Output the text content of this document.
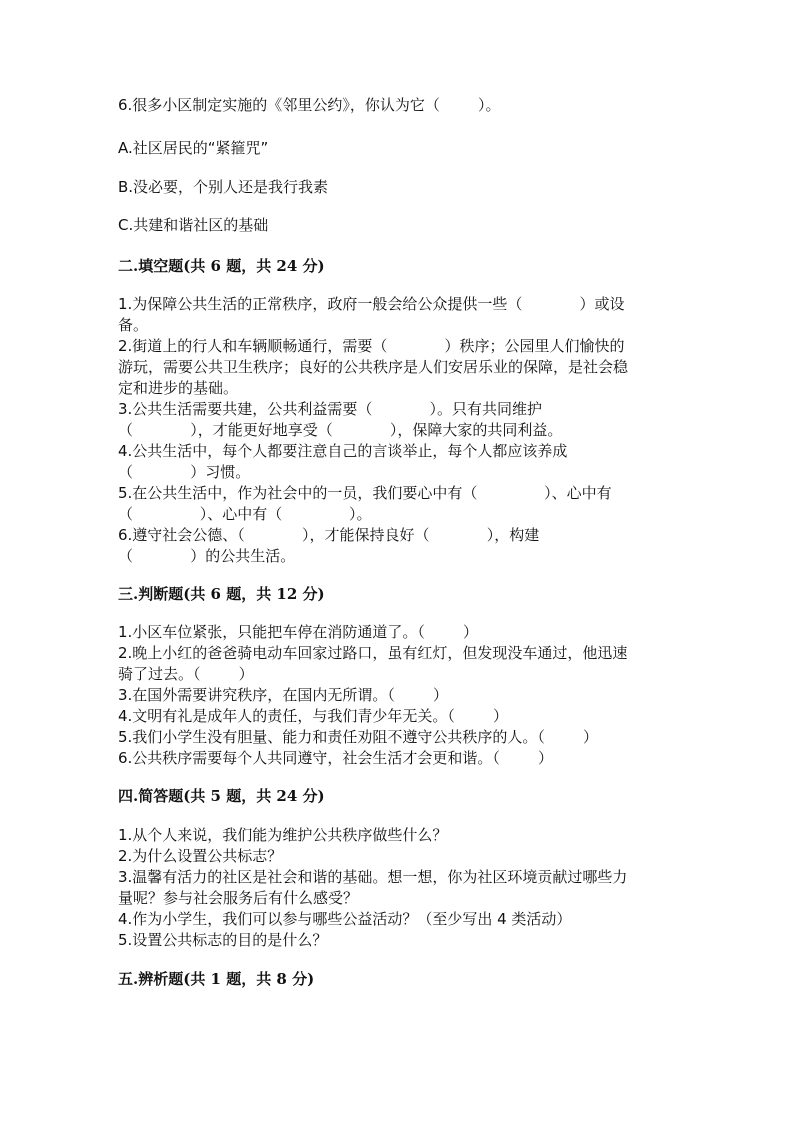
6.很多小区制定实施的《邻里公约》，你认为它（        ）。

A.社区居民的“紧箍咒”

B.没必要，个别人还是我行我素

C.共建和谐社区的基础

二.填空题(共 6 题，共 24 分)

1.为保障公共生活的正常秩序，政府一般会给公众提供一些（            ）或设

备。

2.街道上的行人和车辆顺畅通行，需要（            ）秩序；公园里人们愉快的

游玩，需要公共卫生秩序；良好的公共秩序是人们安居乐业的保障，是社会稳

定和进步的基础。

3.公共生活需要共建，公共利益需要（            ）。只有共同维护

（            ），才能更好地享受（            ），保障大家的共同利益。

4.公共生活中，每个人都要注意自己的言谈举止，每个人都应该养成

（            ）习惯。

5.在公共生活中，作为社会中的一员，我们要心中有（              ）、心中有

（              ）、心中有（              ）。

6.遵守社会公德、（            ），才能保持良好（            ），构建

（            ）的公共生活。

三.判断题(共 6 题，共 12 分)

1.小区车位紧张，只能把车停在消防通道了。（        ）

2.晚上小红的爸爸骑电动车回家过路口，虽有红灯，但发现没车通过，他迅速

骑了过去。（        ）

3.在国外需要讲究秩序，在国内无所谓。（        ）

4.文明有礼是成年人的责任，与我们青少年无关。（        ）

5.我们小学生没有胆量、能力和责任劝阻不遵守公共秩序的人。（        ）

6.公共秩序需要每个人共同遵守，社会生活才会更和谐。（        ）

四.简答题(共 5 题，共 24 分)

1.从个人来说，我们能为维护公共秩序做些什么？

2.为什么设置公共标志？

3.温馨有活力的社区是社会和谐的基础。想一想，你为社区环境贡献过哪些力

量呢？参与社会服务后有什么感受？

4.作为小学生，我们可以参与哪些公益活动？（至少写出 4 类活动）

5.设置公共标志的目的是什么？

五.辨析题(共 1 题，共 8 分)
